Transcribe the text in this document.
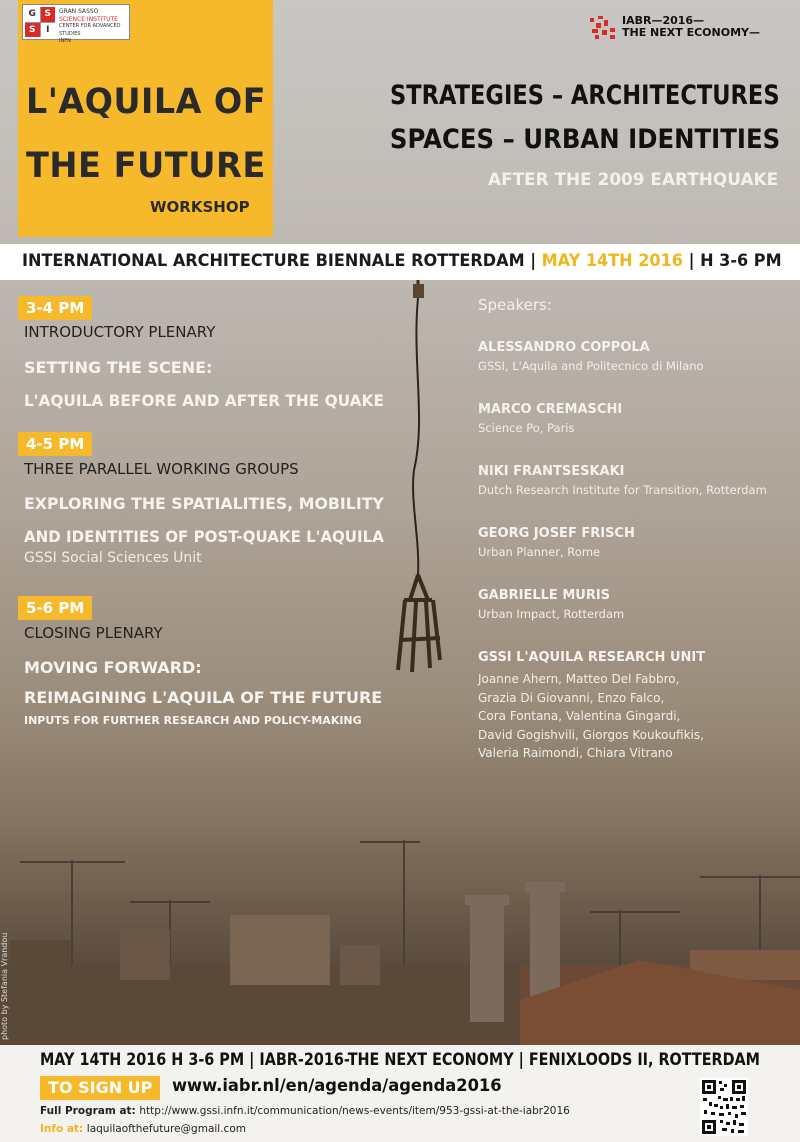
G S
S	I
GRAN SASSO
SCIENCE INSTITUTE
CENTER FOR ADVANCED STUDIES
INFN
L'AQUILA OF
THE FUTURE
WORKSHOP
IABR—2016—
THE NEXT ECONOMY—
STRATEGIES – ARCHITECTURES
SPACES – URBAN IDENTITIES
AFTER THE 2009 EARTHQUAKE
INTERNATIONAL ARCHITECTURE BIENNALE ROTTERDAM | MAY 14TH 2016 | H 3-6 PM
3-4 PM
INTRODUCTORY PLENARY
SETTING THE SCENE:
L'AQUILA BEFORE AND AFTER THE QUAKE
4-5 PM
THREE PARALLEL WORKING GROUPS
EXPLORING THE SPATIALITIES, MOBILITY
AND IDENTITIES OF POST-QUAKE L'AQUILA
GSSI Social Sciences Unit
5-6 PM
CLOSING PLENARY
MOVING FORWARD:
REIMAGINING L'AQUILA OF THE FUTURE
INPUTS FOR FURTHER RESEARCH AND POLICY-MAKING
Speakers:
ALESSANDRO COPPOLA
GSSI, L'Aquila and Politecnico di Milano
MARCO CREMASCHI
Science Po, Paris
NIKI FRANTSESKAKI
Dutch Research Institute for Transition, Rotterdam
GEORG JOSEF FRISCH
Urban Planner, Rome
GABRIELLE MURIS
Urban Impact, Rotterdam
GSSI L'AQUILA RESEARCH UNIT
Joanne Ahern, Matteo Del Fabbro,
Grazia Di Giovanni, Enzo Falco,
Cora Fontana, Valentina Gingardi,
David Gogishvili, Giorgos Koukoufikis,
Valeria Raimondi, Chiara Vitrano
photo by Stefania Vrandou
MAY 14TH 2016 H 3-6 PM | IABR-2016-THE NEXT ECONOMY | FENIXLOODS II, ROTTERDAM
TO SIGN UP	www.iabr.nl/en/agenda/agenda2016
Full Program at: http://www.gssi.infn.it/communication/news-events/item/953-gssi-at-the-iabr2016
Info at: laquilaofthefuture@gmail.com
